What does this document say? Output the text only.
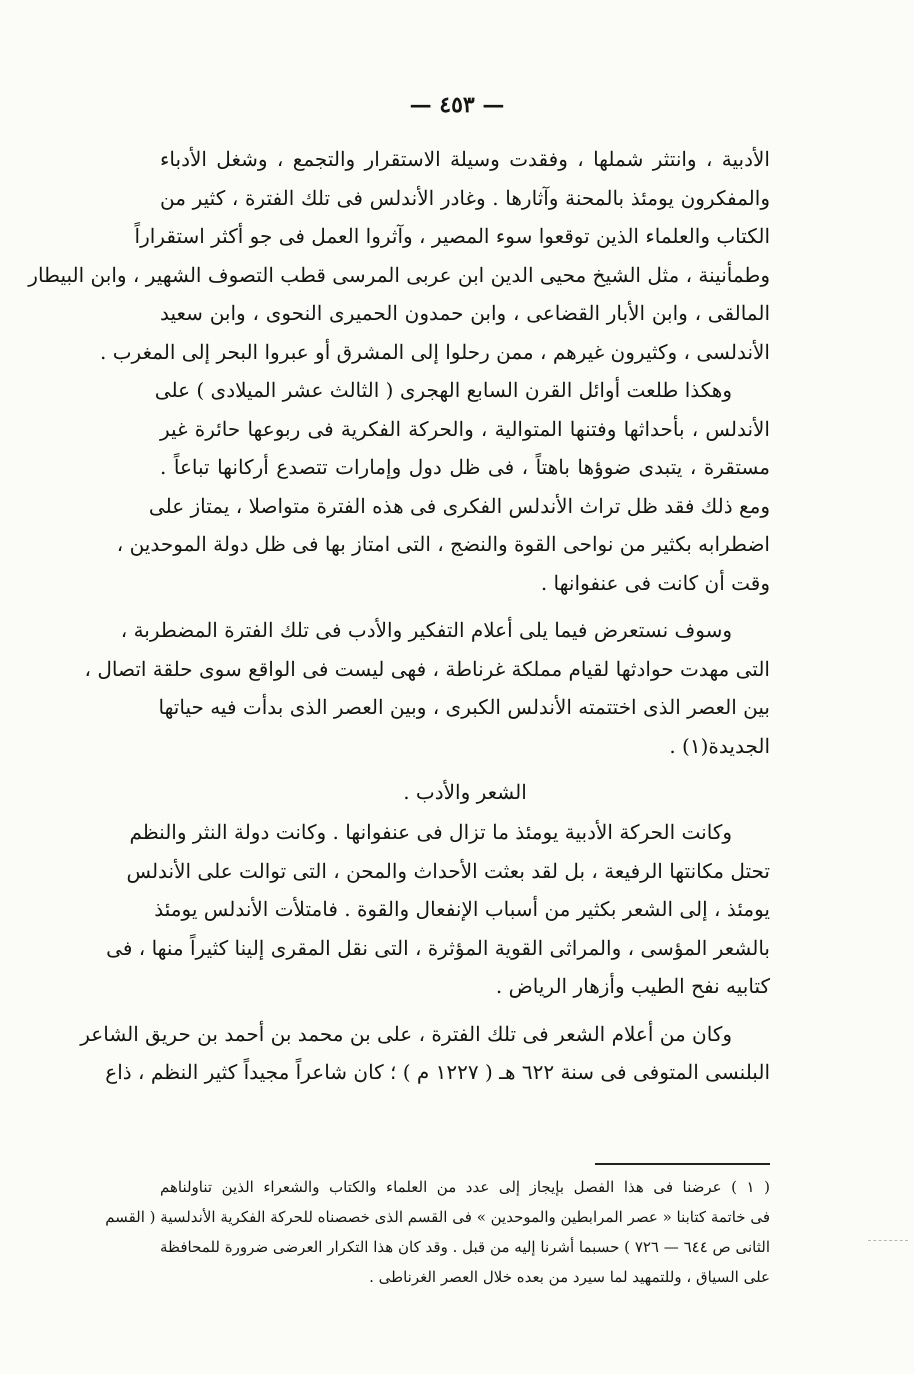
— ٤٥٣ —
الأدبية ، وانتثر شملها ، وفقدت وسيلة الاستقرار والتجمع ، وشغل الأدباء
والمفكرون يومئذ بالمحنة وآثارها . وغادر الأندلس فى تلك الفترة ، كثير من
الكتاب والعلماء الذين توقعوا سوء المصير ، وآثروا العمل فى جو أكثر استقراراً
وطمأنينة ، مثل الشيخ محيى الدين ابن عربى المرسى قطب التصوف الشهير ، وابن البيطار
المالقى ، وابن الأبار القضاعى ، وابن حمدون الحميرى النحوى ، وابن سعيد
الأندلسى ، وكثيرون غيرهم ، ممن رحلوا إلى المشرق أو عبروا البحر إلى المغرب .
وهكذا طلعت أوائل القرن السابع الهجرى ( الثالث عشر الميلادى ) على
الأندلس ، بأحداثها وفتنها المتوالية ، والحركة الفكرية فى ربوعها حائرة غير
مستقرة ، يتبدى ضوؤها باهتاً ، فى ظل دول وإمارات تتصدع أركانها تباعاً .
ومع ذلك فقد ظل تراث الأندلس الفكرى فى هذه الفترة متواصلا ، يمتاز على
اضطرابه بكثير من نواحى القوة والنضج ، التى امتاز بها فى ظل دولة الموحدين ،
وقت أن كانت فى عنفوانها .
وسوف نستعرض فيما يلى أعلام التفكير والأدب فى تلك الفترة المضطربة ،
التى مهدت حوادثها لقيام مملكة غرناطة ، فهى ليست فى الواقع سوى حلقة اتصال ،
بين العصر الذى اختتمته الأندلس الكبرى ، وبين العصر الذى بدأت فيه حياتها
الجديدة(١) .
الشعر والأدب .
وكانت الحركة الأدبية يومئذ ما تزال فى عنفوانها . وكانت دولة النثر والنظم
تحتل مكانتها الرفيعة ، بل لقد بعثت الأحداث والمحن ، التى توالت على الأندلس
يومئذ ، إلى الشعر بكثير من أسباب الإنفعال والقوة . فامتلأت الأندلس يومئذ
بالشعر المؤسى ، والمراثى القوية المؤثرة ، التى نقل المقرى إلينا كثيراً منها ، فى
كتابيه نفح الطيب وأزهار الرياض .
وكان من أعلام الشعر فى تلك الفترة ، على بن محمد بن أحمد بن حريق الشاعر
البلنسى المتوفى فى سنة ٦٢٢ هـ ( ١٢٢٧ م ) ؛ كان شاعراً مجيداً كثير النظم ، ذاع
( ١ ) عرضنا فى هذا الفصل بإيجاز إلى عدد من العلماء والكتاب والشعراء الذين تناولناهم
فى خاتمة كتابنا « عصر المرابطين والموحدين » فى القسم الذى خصصناه للحركة الفكرية الأندلسية ( القسم
الثانى ص ٦٤٤ — ٧٢٦ ) حسبما أشرنا إليه من قبل . وقد كان هذا التكرار العرضى ضرورة للمحافظة
على السياق ، وللتمهيد لما سيرد من بعده خلال العصر الغرناطى .
